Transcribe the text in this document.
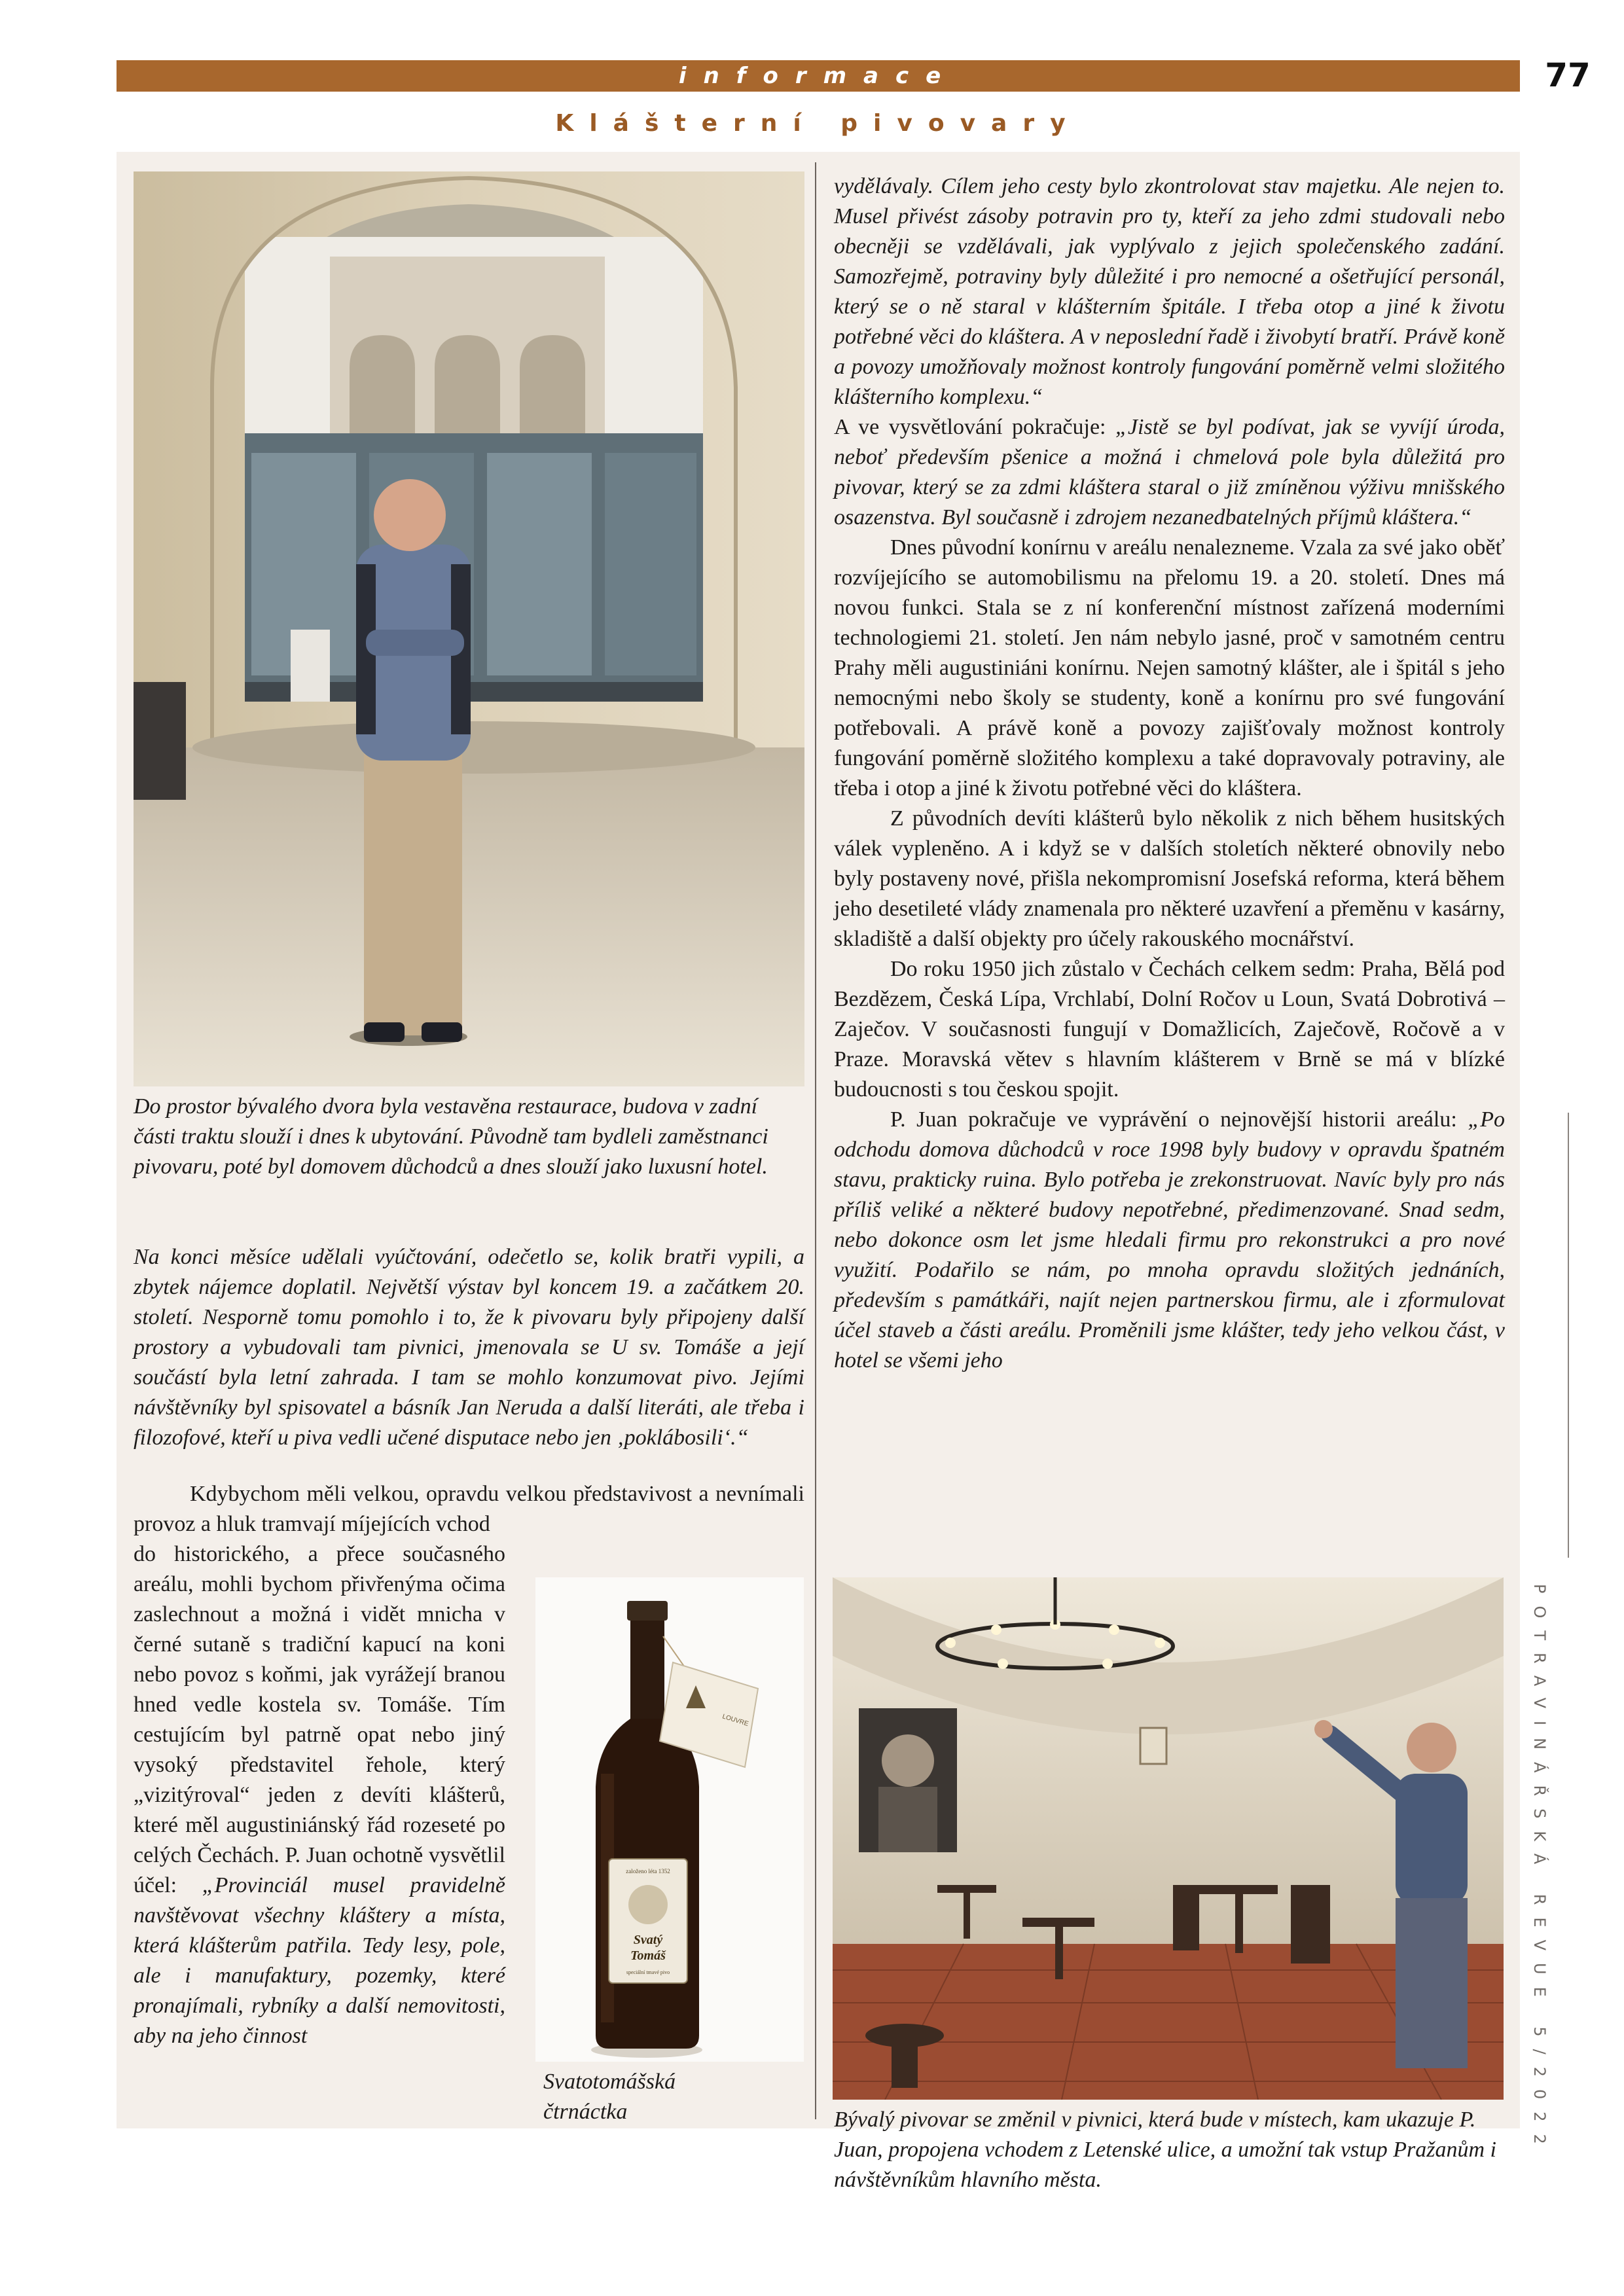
informace	77
Klášterní pivovary

Do prostor bývalého dvora byla vestavěna restaurace, budova v zadní části traktu slouží i dnes k ubytování. Původně tam bydleli zaměstnanci pivovaru, poté byl domovem důchodců a dnes slouží jako luxusní hotel.

Na konci měsíce udělali vyúčtování, odečetlo se, kolik bratři vypili, a zbytek nájemce doplatil. Největší výstav byl koncem 19. a začátkem 20. století. Nesporně tomu pomohlo i to, že k pivovaru byly připojeny další prostory a vybudovali tam pivnici, jmenovala se U sv. Tomáše a její součástí byla letní zahrada. I tam se mohlo konzumovat pivo. Jejími návštěvníky byl spisovatel a básník Jan Neruda a další literáti, ale třeba i filozofové, kteří u piva vedli učené disputace nebo jen ‚poklábosili‘.“

Kdybychom měli velkou, opravdu velkou představivost a nevnímali provoz a hluk tramvají míjejících vchod

do historického, a přece současného areálu, mohli bychom přivřenýma očima zaslechnout a možná i vidět mnicha v černé sutaně s tradiční kapucí na koni nebo povoz s koňmi, jak vyrážejí branou hned vedle kostela sv. Tomáše. Tím cestujícím byl patrně opat nebo jiný vysoký představitel řehole, který „vizitýroval“ jeden z devíti klášterů, které měl augustiniánský řád rozeseté po celých Čechách. P. Juan ochotně vysvětlil účel: „Provinciál musel pravidelně navštěvovat všechny kláštery a místa, která klášterům patřila. Tedy lesy, pole, ale i manufaktury, pozemky, které pronajímali, rybníky a další nemovitosti, aby na jeho činnost

založeno léta 1352
Svatý
Tomáš
speciální tmavé pivo
LOUVRE

Svatotomášská
čtrnáctka

vydělávaly. Cílem jeho cesty bylo zkontrolovat stav majetku. Ale nejen to. Musel přivést zásoby potravin pro ty, kteří za jeho zdmi studovali nebo obecněji se vzdělávali, jak vyplývalo z jejich společenského zadání. Samozřejmě, potraviny byly důležité i pro nemocné a ošetřující personál, který se o ně staral v klášterním špitále. I třeba otop a jiné k životu potřebné věci do kláštera. A v neposlední řadě i živobytí bratří. Právě koně a povozy umožňovaly možnost kontroly fungování poměrně velmi složitého klášterního komplexu.“

A ve vysvětlování pokračuje: „Jistě se byl podívat, jak se vyvíjí úroda, neboť především pšenice a možná i chmelová pole byla důležitá pro pivovar, který se za zdmi kláštera staral o již zmíněnou výživu mnišského osazenstva. Byl současně i zdrojem nezanedbatelných příjmů kláštera.“

Dnes původní konírnu v areálu nenalezneme. Vzala za své jako oběť rozvíjejícího se automobilismu na přelomu 19. a 20. století. Dnes má novou funkci. Stala se z ní konferenční místnost zařízená moderními technologiemi 21. století. Jen nám nebylo jasné, proč v samotném centru Prahy měli augustiniáni konírnu. Nejen samotný klášter, ale i špitál s jeho nemocnými nebo školy se studenty, koně a konírnu pro své fungování potřebovali. A právě koně a povozy zajišťovaly možnost kontroly fungování poměrně složitého komplexu a také dopravovaly potraviny, ale třeba i otop a jiné k životu potřebné věci do kláštera.

Z původních devíti klášterů bylo několik z nich během husitských válek vypleněno. A i když se v dalších stoletích některé obnovily nebo byly postaveny nové, přišla nekompromisní Josefská reforma, která během jeho desetileté vlády znamenala pro některé uzavření a přeměnu v kasárny, skladiště a další objekty pro účely rakouského mocnářství.

Do roku 1950 jich zůstalo v Čechách celkem sedm: Praha, Bělá pod Bezdězem, Česká Lípa, Vrchlabí, Dolní Ročov u Loun, Svatá Dobrotivá – Zaječov. V současnosti fungují v Domažlicích, Zaječově, Ročově a v Praze. Moravská větev s hlavním klášterem v Brně se má v blízké budoucnosti s tou českou spojit.

P. Juan pokračuje ve vyprávění o nejnovější historii areálu: „Po odchodu domova důchodců v roce 1998 byly budovy v opravdu špatném stavu, prakticky ruina. Bylo potřeba je zrekonstruovat. Navíc byly pro nás příliš veliké a některé budovy nepotřebné, předimenzované. Snad sedm, nebo dokonce osm let jsme hledali firmu pro rekonstrukci a pro nové využití. Podařilo se nám, po mnoha opravdu složitých jednáních, především s památkáři, najít nejen partnerskou firmu, ale i zformulovat účel staveb a části areálu. Proměnili jsme klášter, tedy jeho velkou část, v hotel se všemi jeho

Bývalý pivovar se změnil v pivnici, která bude v místech, kam ukazuje P. Juan, propojena vchodem z Letenské ulice, a umožní tak vstup Pražanům i návštěvníkům hlavního města.

POTRAVINÁŘSKÁ REVUE 5/2022
